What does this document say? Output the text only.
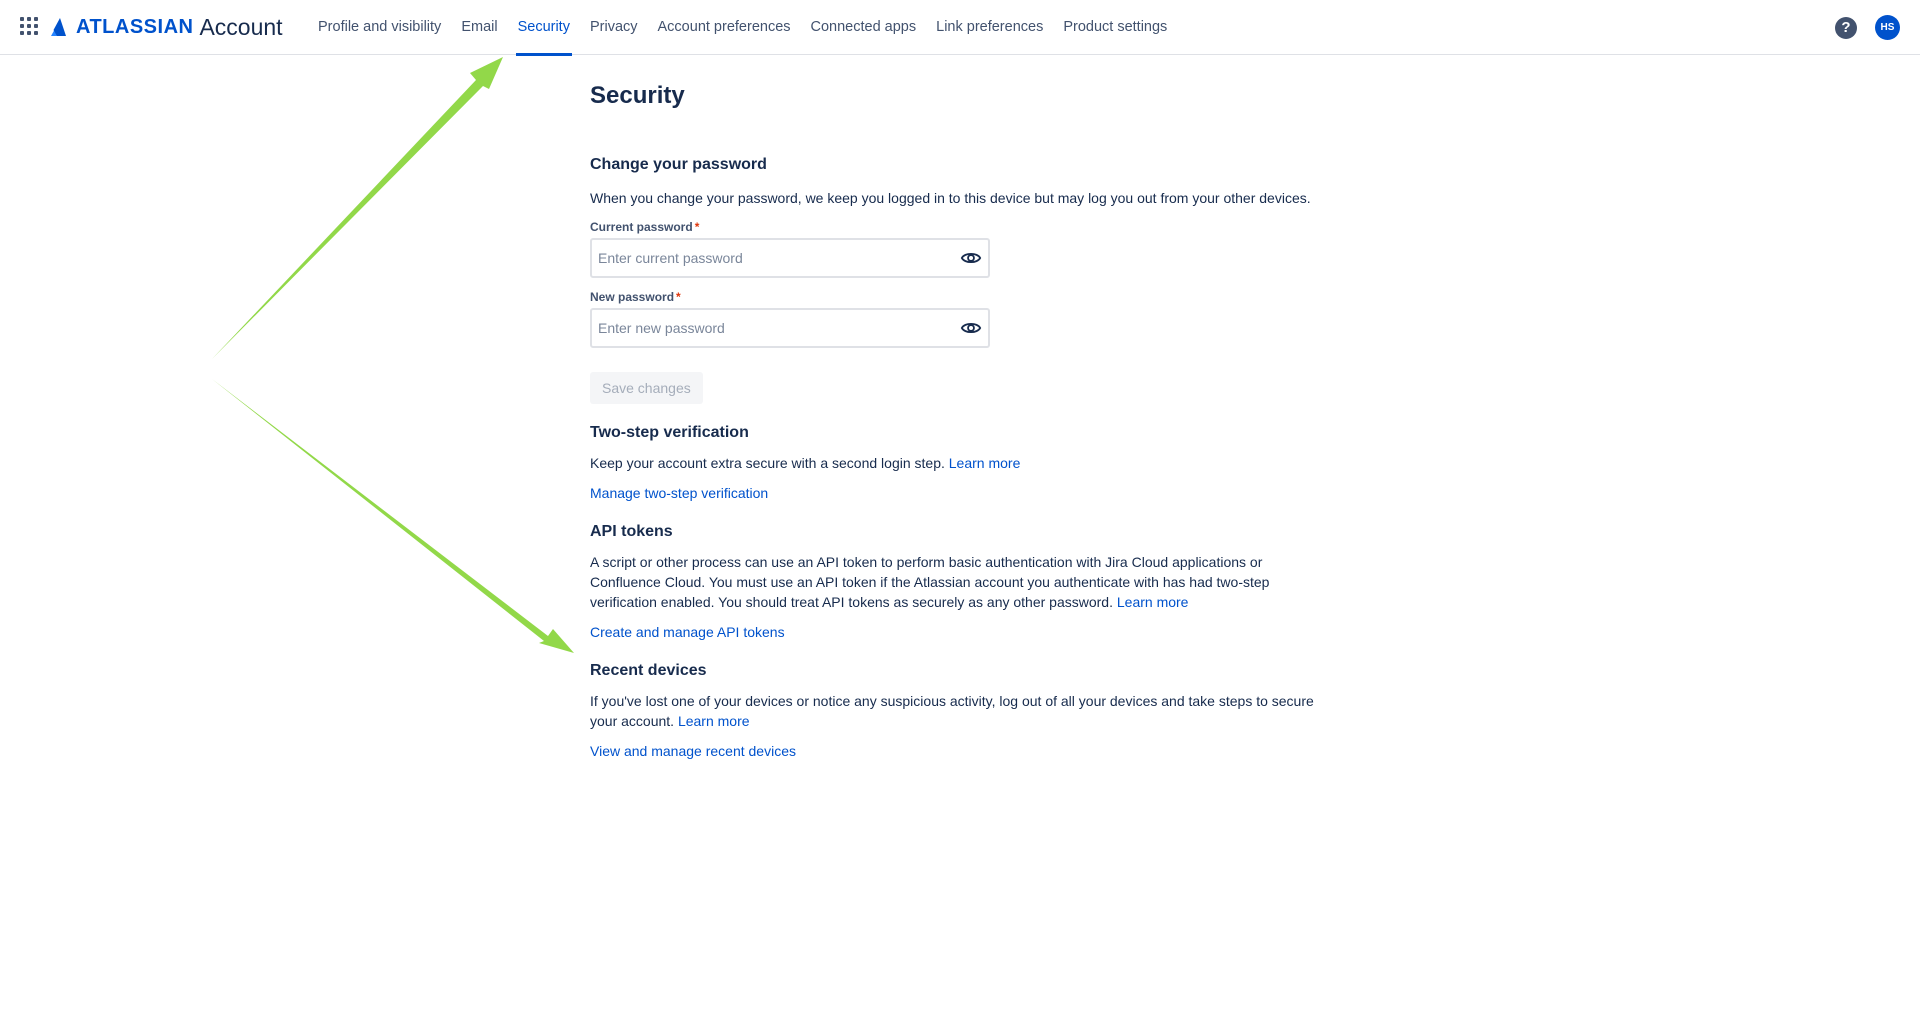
ATLASSIAN Account	Profile and visibility	Email	Security	Privacy	Account preferences	Connected apps	Link preferences	Product settings	?	HS
Security
Change your password

When you change your password, we keep you logged in to this device but may log you out from your other devices.

Current password *
New password *
Save changes
Two-step verification

Keep your account extra secure with a second login step. Learn more

Manage two-step verification
API tokens

A script or other process can use an API token to perform basic authentication with Jira Cloud applications or Confluence Cloud. You must use an API token if the Atlassian account you authenticate with has had two-step verification enabled. You should treat API tokens as securely as any other password. Learn more

Create and manage API tokens
Recent devices

If you've lost one of your devices or notice any suspicious activity, log out of all your devices and take steps to secure your account. Learn more

View and manage recent devices
